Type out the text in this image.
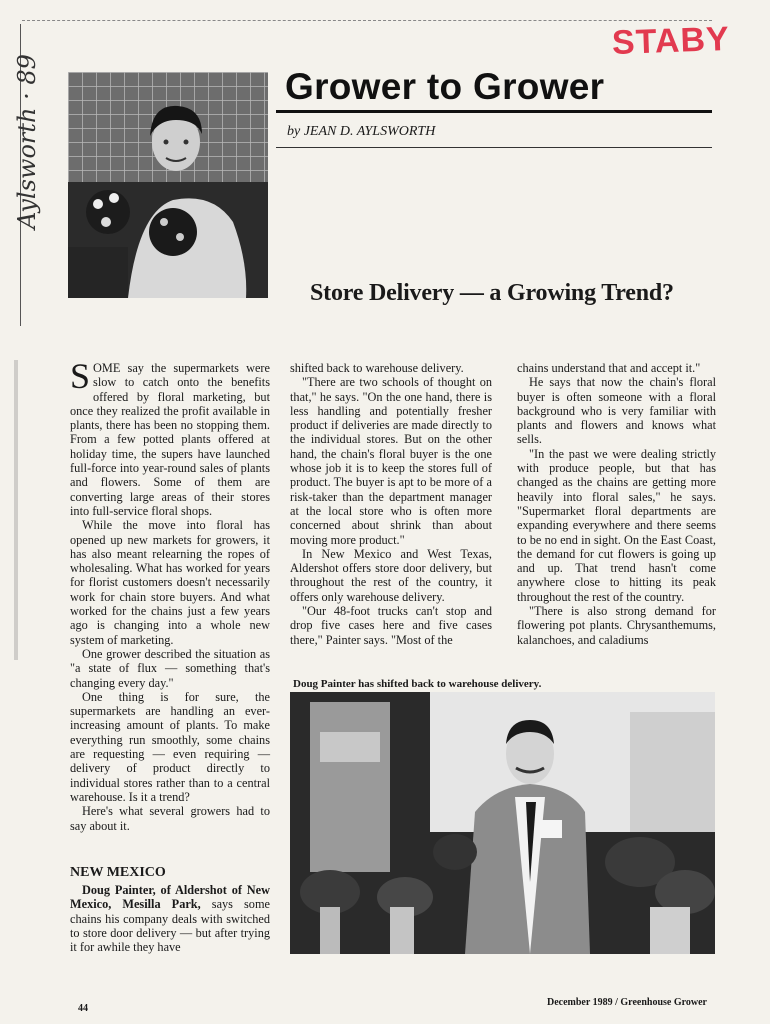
STABY
Aylsworth · 89	Grower to Grower
by JEAN D. AYLSWORTH
Store Delivery — a Growing Trend?

SOME say the supermarkets were slow to catch onto the benefits offered by floral marketing, but once they realized the profit available in plants, there has been no stopping them. From a few potted plants offered at holiday time, the supers have launched full-force into year-round sales of plants and flowers. Some of them are converting large areas of their stores into full-service floral shops.

While the move into floral has opened up new markets for growers, it has also meant relearning the ropes of wholesaling. What has worked for years for florist customers doesn't necessarily work for chain store buyers. And what worked for the chains just a few years ago is changing into a whole new system of marketing.

One grower described the situation as "a state of flux — something that's changing every day."

One thing is for sure, the supermarkets are handling an ever-increasing amount of plants. To make everything run smoothly, some chains are requesting — even requiring — delivery of product directly to individual stores rather than to a central warehouse. Is it a trend?

Here's what several growers had to say about it.

NEW MEXICO

Doug Painter, of Aldershot of New Mexico, Mesilla Park, says some chains his company deals with switched to store door delivery — but after trying it for awhile they have

shifted back to warehouse delivery.

"There are two schools of thought on that," he says. "On the one hand, there is less handling and potentially fresher product if deliveries are made directly to the individual stores. But on the other hand, the chain's floral buyer is the one whose job it is to keep the stores full of product. The buyer is apt to be more of a risk-taker than the department manager at the local store who is often more concerned about shrink than about moving more product."

In New Mexico and West Texas, Aldershot offers store door delivery, but throughout the rest of the country, it offers only warehouse delivery.

"Our 48-foot trucks can't stop and drop five cases here and five cases there," Painter says. "Most of the

chains understand that and accept it."

He says that now the chain's floral buyer is often someone with a floral background who is very familiar with plants and flowers and knows what sells.

"In the past we were dealing strictly with produce people, but that has changed as the chains are getting more heavily into floral sales," he says. "Supermarket floral departments are expanding everywhere and there seems to be no end in sight. On the East Coast, the demand for cut flowers is going up and up. That trend hasn't come anywhere close to hitting its peak throughout the rest of the country.

"There is also strong demand for flowering pot plants. Chrysanthemums, kalanchoes, and caladiums

Doug Painter has shifted back to warehouse delivery.
44
December 1989 / Greenhouse Grower
